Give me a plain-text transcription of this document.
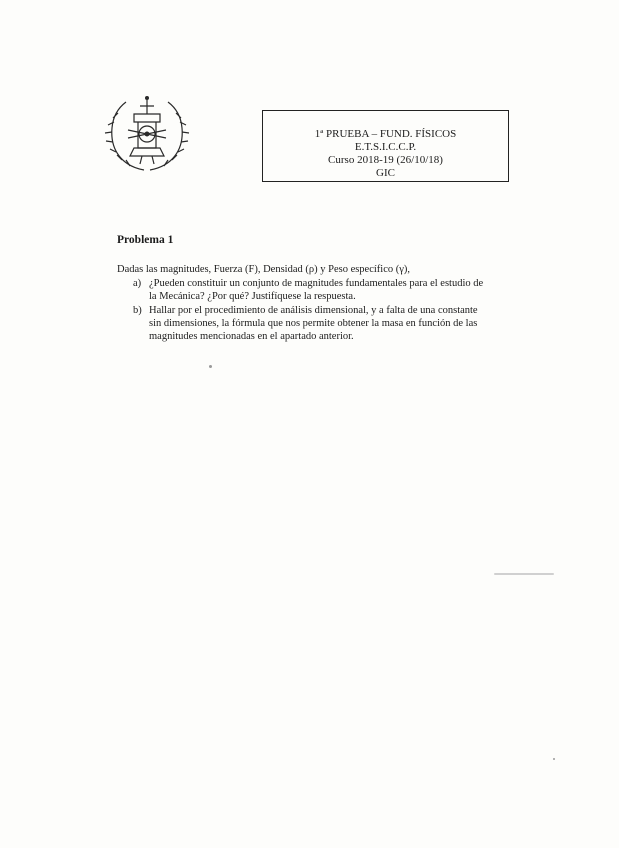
1ª PRUEBA – FUND. FÍSICOS
E.T.S.I.C.C.P.
Curso 2018-19 (26/10/18)
GIC
Problema 1
Dadas las magnitudes, Fuerza (F), Densidad (ρ) y Peso específico (γ),
a) ¿Pueden constituir un conjunto de magnitudes fundamentales para el estudio de
la Mecánica? ¿Por qué? Justifíquese la respuesta.
b) Hallar por el procedimiento de análisis dimensional, y a falta de una constante
sin dimensiones, la fórmula que nos permite obtener la masa en función de las
magnitudes mencionadas en el apartado anterior.
